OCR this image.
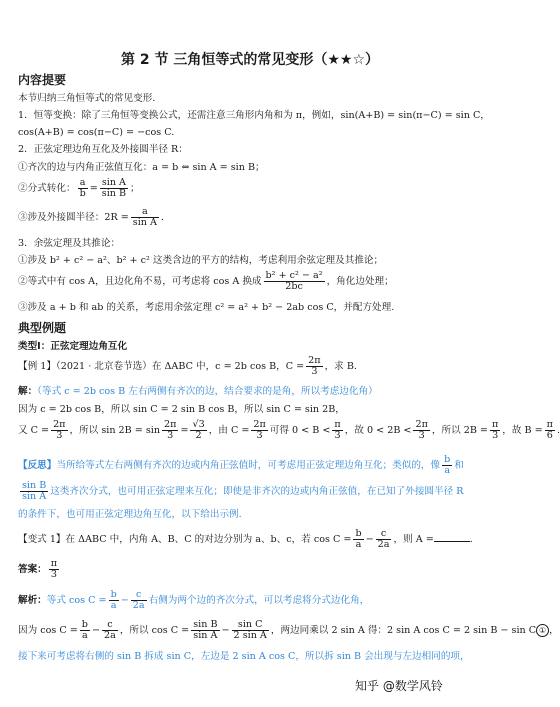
第 2 节 三角恒等式的常见变形（★★☆）
内容提要
本节归纳三角恒等式的常见变形.
1．恒等变换：除了三角恒等变换公式，还需注意三角形内角和为 π，例如，sin(A+B) = sin(π−C) = sin C，
cos(A+B) = cos(π−C) = −cos C.
2．正弦定理边角互化及外接圆半径 R：
①齐次的边与内角正弦值互化：a = b ⇔ sin A = sin B；
②分式转化： $\frac{a}{b} = \frac{\text{sin A}}{\text{sin B}}$ ；
③涉及外接圆半径：$2R = \frac{a}{\text{sin A}}$ .
3．余弦定理及其推论：
①涉及 b² + c² − a²、b² + c² 这类含边的平方的结构，考虑利用余弦定理及其推论；
②等式中有 cos A，且边化角不易，可考虑将 cos A 换成 $\frac{\text{b² + c² − a²}}{2bc}$ ，角化边处理；
③涉及 a + b 和 ab 的关系，考虑用余弦定理 c² = a² + b² − 2ab cos C，并配方处理.
典型例题
类型Ⅰ：正弦定理边角互化
【例 1】（2021 · 北京卷节选）在 ΔABC 中，c = 2b cos B，$C = \frac{2\pi}{3}$ ，求 B.
解：（等式 c = 2b cos B 左右两侧有齐次的边，结合要求的是角，所以考虑边化角）
因为 c = 2b cos B，所以 sin C = 2 sin B cos B，所以 sin C = sin 2B，
又 $C = \frac{2\pi}{3}$ ，所以 $\sin 2B = \sin \frac{2\pi}{3} = \frac{√3}{2}$ ，由 $C = \frac{2\pi}{3}$ 可得 $0 < B < \frac{\pi}{3}$ ，故 $0 < 2B < \frac{2\pi}{3}$ ，所以 $2B = \frac{\pi}{3}$ ，故 $B = \frac{\pi}{6}$ .
【反思】当所给等式左右两侧有齐次的边或内角正弦值时，可考虑用正弦定理边角互化；类似的，像 $\frac{b}{a}$ 和
$\frac{\text{sin B}}{\text{sin A}}$ 这类齐次分式，也可用正弦定理来互化；即使是非齐次的边或内角正弦值，在已知了外接圆半径 R
的条件下，也可用正弦定理边角互化，以下给出示例.
【变式 1】在 ΔABC 中，内角 A、B、C 的对边分别为 a、b、c，若 $\cos C = \frac{b}{a} - \frac{c}{2a}$ ，则 A =	.
答案： $\frac{\pi}{3}$
解析：等式 $\cos C = \frac{b}{a} - \frac{c}{2a}$ 右侧为两个边的齐次分式，可以考虑将分式边化角，
因为 $\cos C = \frac{b}{a} - \frac{c}{2a}$ ，所以 $\cos C = \frac{\text{sin B}}{\text{sin A}} - \frac{\text{sin C}}{\text{2 sin A}}$ ，两边同乘以 2 sin A 得：2 sin A cos C = 2 sin B − sin C ① ，
接下来可考虑将右侧的 sin B 拆成 sin C，左边是 2 sin A cos C，所以拆 sin B 会出现与左边相同的项，
知乎 @数学风铃
